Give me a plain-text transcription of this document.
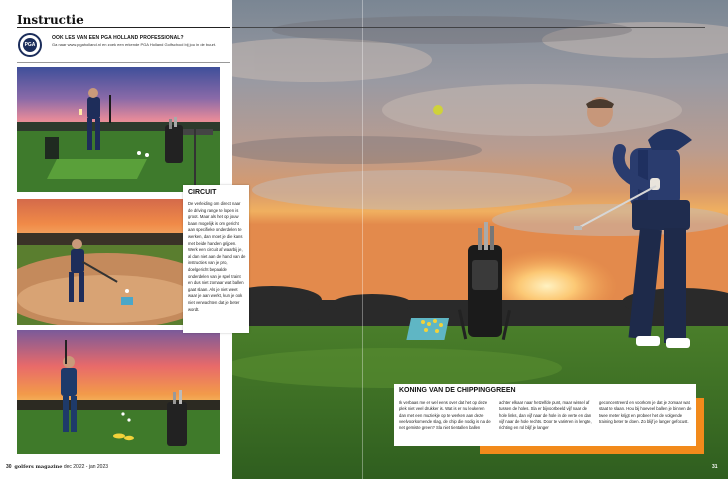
Instructie
PGA
OOK LES VAN EEN PGA HOLLAND PROFESSIONAL?
Ga naar www.pgaholland.nl en zoek een erkende PGA Holland Golfschool bij jou in de buurt.
CIRCUIT
De verleiding om direct naar de driving range te lopen is groot. Maar als het op jouw baan mogelijk is om gericht aan specifieke onderdelen te werken, dan moet je die kans met beide handen grijpen. Werk een circuit af waarbij je, al dan niet aan de hand van de instructies van je pro, doelgericht bepaalde onderdelen van je spel traint en dus niet zomaar wat ballen gaat slaan. Als je niet weet waar je aan werkt, kun je ook niet verwachten dat je beter wordt.
30 golfers magazine dec 2022 - jan 2023
KONING VAN DE CHIPPINGGREEN
Ik verbaas me er wel eens over dat het op deze plek niet veel drukker is. Wat is er nu leukeren dan met een muziekje op te werken aan deze veelvoorkomende slag, de chip die nodig is na de net gemiste green? Sla niet tientallen ballen
achter elkaar naar hetzelfde punt, maar wissel af tussen de holes. Sla er bijvoorbeeld vijf naar de hole links, dan vijf naar de hole in de verte en dan vijf naar de hole rechts. Door te variëren in lengte, richting en rol blijf je langer
geconcentreerd en voorkom je dat je zomaar wat staat te slaan. Hou bij hoeveel ballen je binnen de twee meter krijgt en probeer het de volgende training beter te doen. Zo blijf je langer gefocust.
31
